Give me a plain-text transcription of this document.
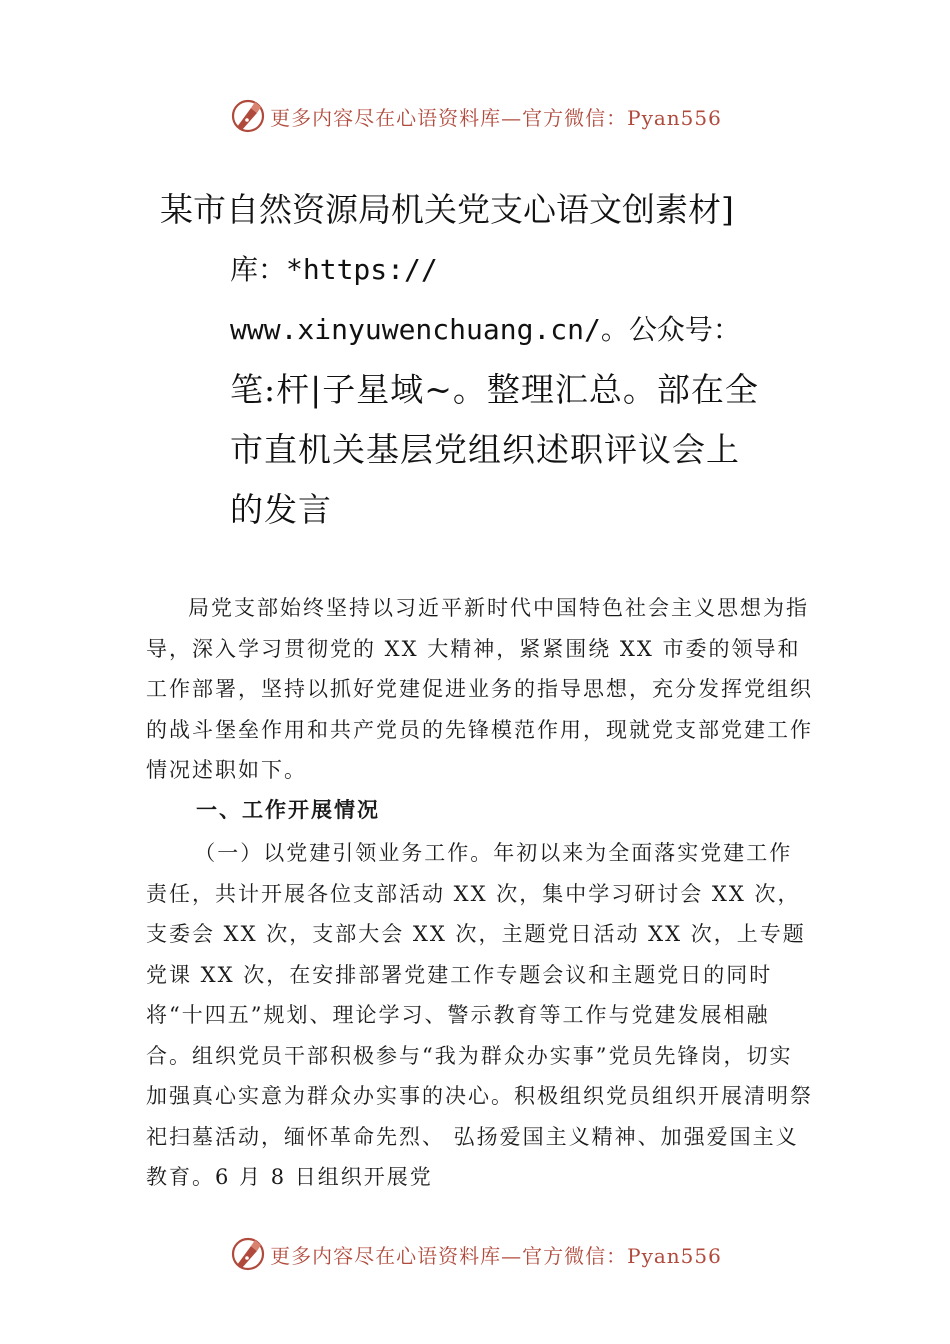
更多内容尽在心语资料库—官方微信：Pyan556
某市自然资源局机关党支心语文创素材]
库：*https://
www.xinyuwenchuang.cn/。公众号：
笔:杆|子星域~。整理汇总。部在全
市直机关基层党组织述职评议会上
的发言

局党支部始终坚持以习近平新时代中国特色社会主义思想为指导，深入学习贯彻党的 XX 大精神，紧紧围绕 XX 市委的领导和工作部署，坚持以抓好党建促进业务的指导思想，充分发挥党组织的战斗堡垒作用和共产党员的先锋模范作用，现就党支部党建工作情况述职如下。

一、工作开展情况

（一）以党建引领业务工作。年初以来为全面落实党建工作责任，共计开展各位支部活动 XX 次，集中学习研讨会 XX 次，支委会 XX 次，支部大会 XX 次，主题党日活动 XX 次，上专题党课 XX 次，在安排部署党建工作专题会议和主题党日的同时将“十四五”规划、理论学习、警示教育等工作与党建发展相融合。组织党员干部积极参与“我为群众办实事”党员先锋岗，切实加强真心实意为群众办实事的决心。积极组织党员组织开展清明祭祀扫墓活动，缅怀革命先烈、 弘扬爱国主义精神、加强爱国主义教育。6 月 8 日组织开展党

更多内容尽在心语资料库—官方微信：Pyan556
